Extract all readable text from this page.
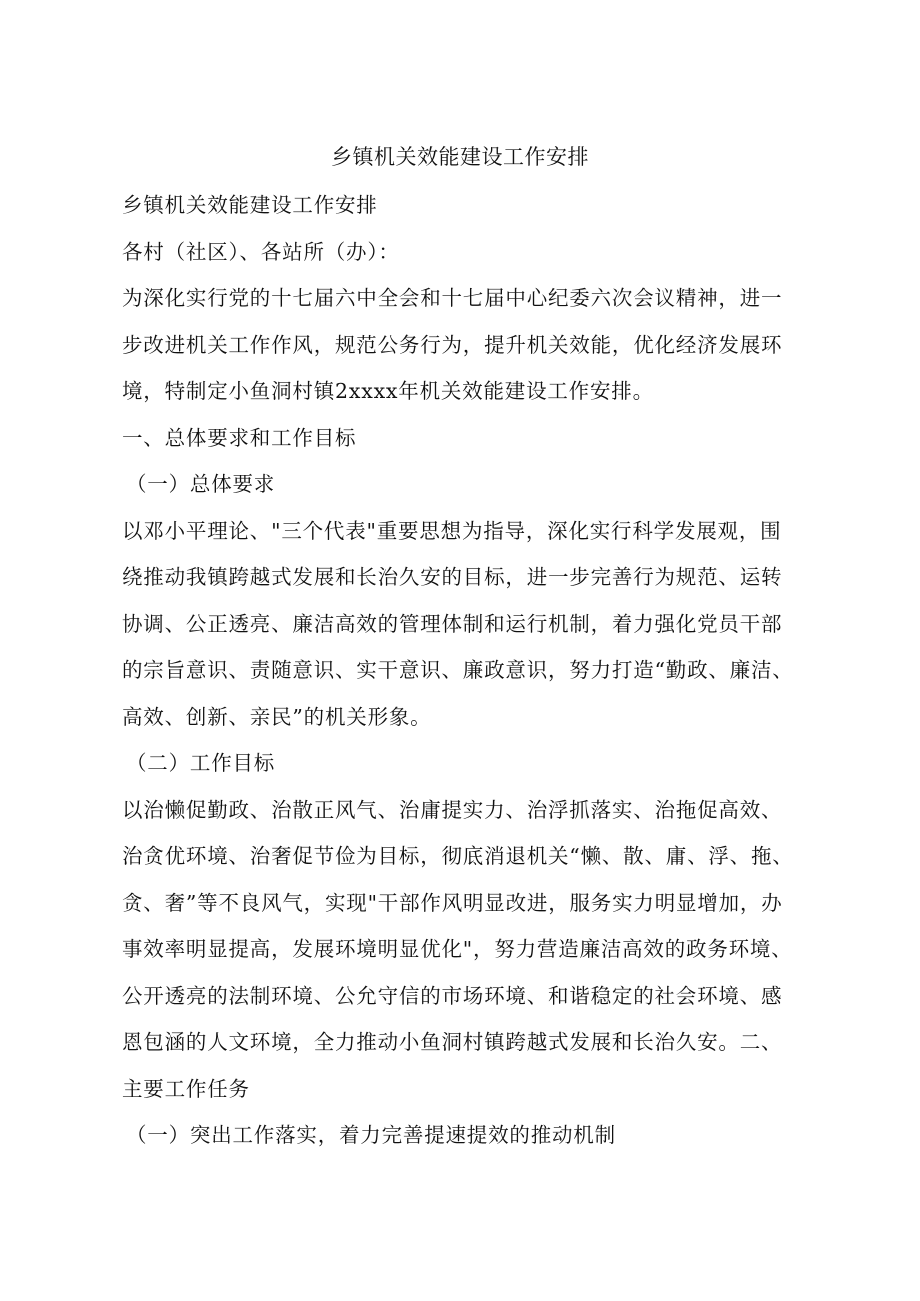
乡镇机关效能建设工作安排

乡镇机关效能建设工作安排

各村（社区）、各站所（办）：

为深化实行党的十七届六中全会和十七届中心纪委六次会议精神，进一步改进机关工作作风，规范公务行为，提升机关效能，优化经济发展环境，特制定小鱼洞村镇2xxxx年机关效能建设工作安排。

一、总体要求和工作目标

（一）总体要求

以邓小平理论、"三个代表"重要思想为指导，深化实行科学发展观，围绕推动我镇跨越式发展和长治久安的目标，进一步完善行为规范、运转协调、公正透亮、廉洁高效的管理体制和运行机制，着力强化党员干部的宗旨意识、责随意识、实干意识、廉政意识，努力打造“勤政、廉洁、高效、创新、亲民”的机关形象。

（二）工作目标

以治懒促勤政、治散正风气、治庸提实力、治浮抓落实、治拖促高效、治贪优环境、治奢促节俭为目标，彻底消退机关“懒、散、庸、浮、拖、贪、奢”等不良风气，实现"干部作风明显改进，服务实力明显增加，办事效率明显提高，发展环境明显优化"，努力营造廉洁高效的政务环境、公开透亮的法制环境、公允守信的市场环境、和谐稳定的社会环境、感恩包涵的人文环境，全力推动小鱼洞村镇跨越式发展和长治久安。二、主要工作任务

（一）突出工作落实，着力完善提速提效的推动机制
